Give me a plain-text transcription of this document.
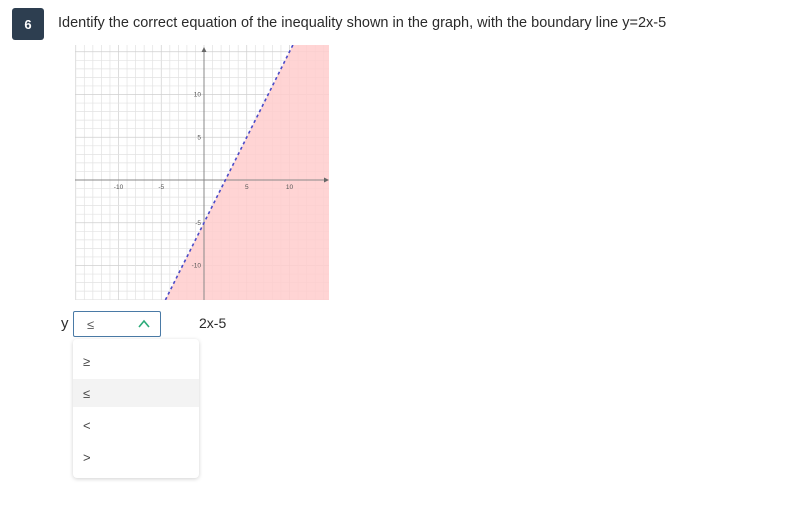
6	Identify the correct equation of the inequality shown in the graph, with the boundary line y=2x-5
-10	-5	5	10
10
5
-5
-10
y ≤	2x-5
≥
≤
<
>
